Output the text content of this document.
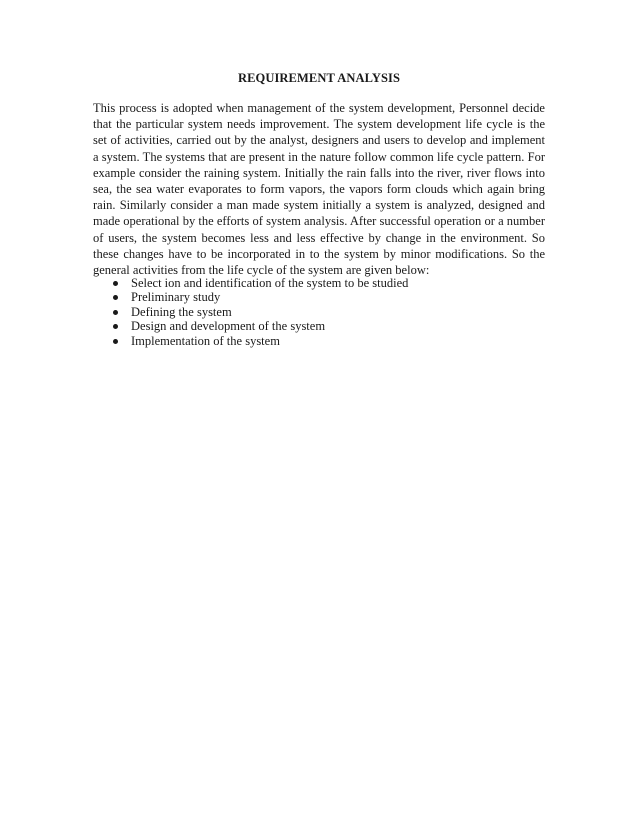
REQUIREMENT ANALYSIS

This process is adopted when management of the system development, Personnel decide that the particular system needs improvement. The system development life cycle is the set of activities, carried out by the analyst, designers and users to develop and implement a system. The systems that are present in the nature follow common life cycle pattern. For example consider the raining system. Initially the rain falls into the river, river flows into sea, the sea water evaporates to form vapors, the vapors form clouds which again bring rain. Similarly consider a man made system initially a system is analyzed, designed and made operational by the efforts of system analysis. After successful operation or a number of users, the system becomes less and less effective by change in the environment. So these changes have to be incorporated in to the system by minor modifications. So the general activities from the life cycle of the system are given below:

Select ion and identification of the system to be studied
Preliminary study
Defining the system
Design and development of the system
Implementation of the system
